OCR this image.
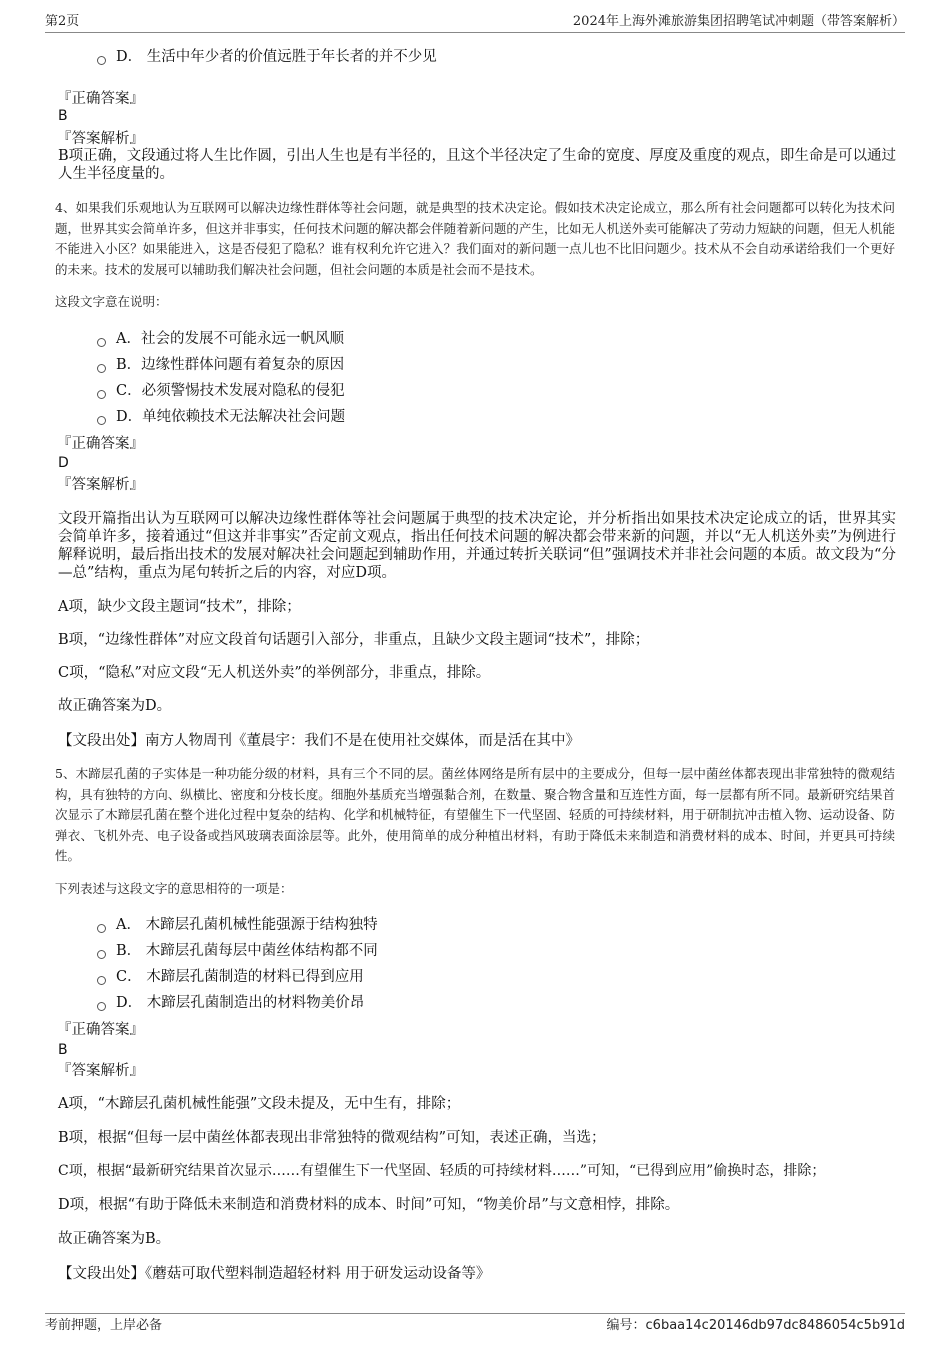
第2页	2024年上海外滩旅游集团招聘笔试冲刺题（带答案解析）
D． 生活中年少者的价值远胜于年长者的并不少见
『正确答案』
B
『答案解析』
B项正确，文段通过将人生比作圆，引出人生也是有半径的，且这个半径决定了生命的宽度、厚度及重度的观点，即生命是可以通过人生半径度量的。
4、如果我们乐观地认为互联网可以解决边缘性群体等社会问题，就是典型的技术决定论。假如技术决定论成立，那么所有社会问题都可以转化为技术问题，世界其实会简单许多，但这并非事实，任何技术问题的解决都会伴随着新问题的产生，比如无人机送外卖可能解决了劳动力短缺的问题，但无人机能不能进入小区？如果能进入，这是否侵犯了隐私？谁有权利允许它进入？我们面对的新问题一点儿也不比旧问题少。技术从不会自动承诺给我们一个更好的未来。技术的发展可以辅助我们解决社会问题，但社会问题的本质是社会而不是技术。
这段文字意在说明：
A．社会的发展不可能永远一帆风顺
B．边缘性群体问题有着复杂的原因
C．必须警惕技术发展对隐私的侵犯
D．单纯依赖技术无法解决社会问题
『正确答案』
D
『答案解析』
文段开篇指出认为互联网可以解决边缘性群体等社会问题属于典型的技术决定论，并分析指出如果技术决定论成立的话，世界其实会简单许多，接着通过“但这并非事实”否定前文观点，指出任何技术问题的解决都会带来新的问题，并以“无人机送外卖”为例进行解释说明，最后指出技术的发展对解决社会问题起到辅助作用，并通过转折关联词“但”强调技术并非社会问题的本质。故文段为“分—总”结构，重点为尾句转折之后的内容，对应D项。
A项，缺少文段主题词“技术”，排除；
B项，“边缘性群体”对应文段首句话题引入部分，非重点，且缺少文段主题词“技术”，排除；
C项，“隐私”对应文段“无人机送外卖”的举例部分，非重点，排除。
故正确答案为D。
【文段出处】南方人物周刊《董晨宇：我们不是在使用社交媒体，而是活在其中》
5、木蹄层孔菌的子实体是一种功能分级的材料，具有三个不同的层。菌丝体网络是所有层中的主要成分，但每一层中菌丝体都表现出非常独特的微观结构，具有独特的方向、纵横比、密度和分枝长度。细胞外基质充当增强黏合剂，在数量、聚合物含量和互连性方面，每一层都有所不同。最新研究结果首次显示了木蹄层孔菌在整个进化过程中复杂的结构、化学和机械特征，有望催生下一代坚固、轻质的可持续材料，用于研制抗冲击植入物、运动设备、防弹衣、飞机外壳、电子设备或挡风玻璃表面涂层等。此外，使用简单的成分种植出材料，有助于降低未来制造和消费材料的成本、时间，并更具可持续性。
下列表述与这段文字的意思相符的一项是：
A． 木蹄层孔菌机械性能强源于结构独特
B． 木蹄层孔菌每层中菌丝体结构都不同
C． 木蹄层孔菌制造的材料已得到应用
D． 木蹄层孔菌制造出的材料物美价昂
『正确答案』
B
『答案解析』
A项，“木蹄层孔菌机械性能强”文段未提及，无中生有，排除；
B项，根据“但每一层中菌丝体都表现出非常独特的微观结构”可知，表述正确，当选；
C项，根据“最新研究结果首次显示……有望催生下一代坚固、轻质的可持续材料……”可知，“已得到应用”偷换时态，排除；
D项，根据“有助于降低未来制造和消费材料的成本、时间”可知，“物美价昂”与文意相悖，排除。
故正确答案为B。
【文段出处】《蘑菇可取代塑料制造超轻材料 用于研发运动设备等》
考前押题，上岸必备	编号：c6baa14c20146db97dc8486054c5b91d
